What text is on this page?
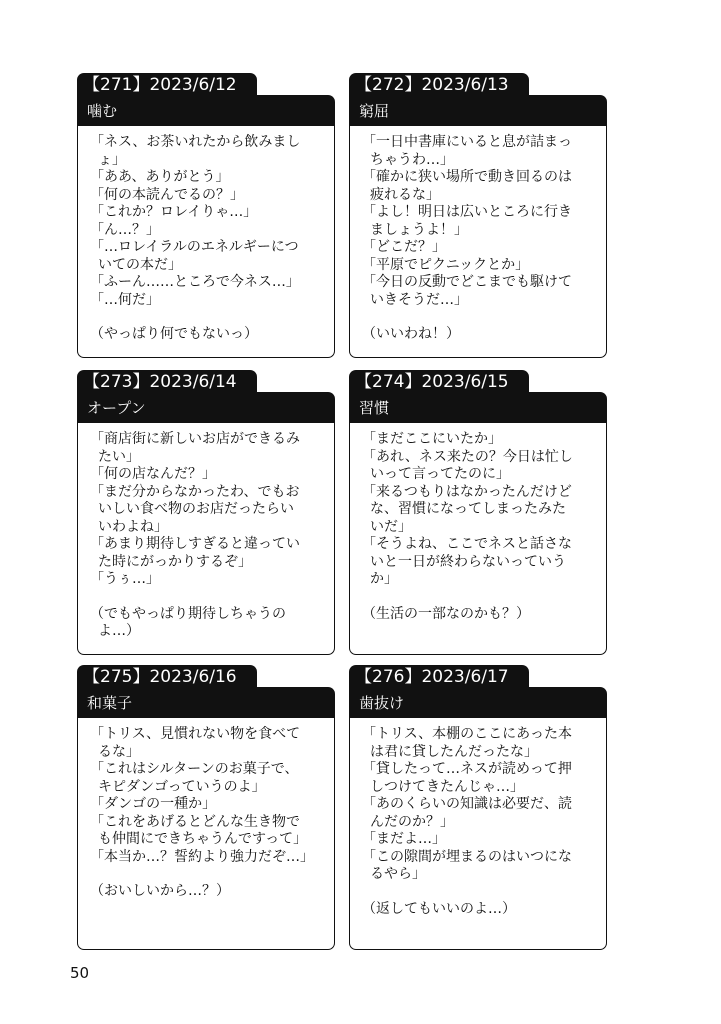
【271】2023/6/12
噛む
「ネス、お茶いれたから飲みまし
ょ」
「ああ、ありがとう」
「何の本読んでるの？」
「これか？ロレイりゃ…」
「ん…？」
「…ロレイラルのエネルギーにつ
いての本だ」
「ふーん……ところで今ネス…」
「…何だ」
（やっぱり何でもないっ）
【272】2023/6/13
窮屈
「一日中書庫にいると息が詰まっ
ちゃうわ…」
「確かに狭い場所で動き回るのは
疲れるな」
「よし！明日は広いところに行き
ましょうよ！」
「どこだ？」
「平原でピクニックとか」
「今日の反動でどこまでも駆けて
いきそうだ…」
（いいわね！）
【273】2023/6/14
オープン
「商店街に新しいお店ができるみ
たい」
「何の店なんだ？」
「まだ分からなかったわ、でもお
いしい食べ物のお店だったらい
いわよね」
「あまり期待しすぎると違ってい
た時にがっかりするぞ」
「うぅ…」
（でもやっぱり期待しちゃうの
よ…）
【274】2023/6/15
習慣
「まだここにいたか」
「あれ、ネス来たの？今日は忙し
いって言ってたのに」
「来るつもりはなかったんだけど
な、習慣になってしまったみた
いだ」
「そうよね、ここでネスと話さな
いと一日が終わらないっていう
か」
（生活の一部なのかも？）
【275】2023/6/16
和菓子
「トリス、見慣れない物を食べて
るな」
「これはシルターンのお菓子で、
キピダンゴっていうのよ」
「ダンゴの一種か」
「これをあげるとどんな生き物で
も仲間にできちゃうんですって」
「本当か…？誓約より強力だぞ…」
（おいしいから…？）
【276】2023/6/17
歯抜け
「トリス、本棚のここにあった本
は君に貸したんだったな」
「貸したって…ネスが読めって押
しつけてきたんじゃ…」
「あのくらいの知識は必要だ、読
んだのか？」
「まだよ…」
「この隙間が埋まるのはいつにな
るやら」
（返してもいいのよ…）
50
